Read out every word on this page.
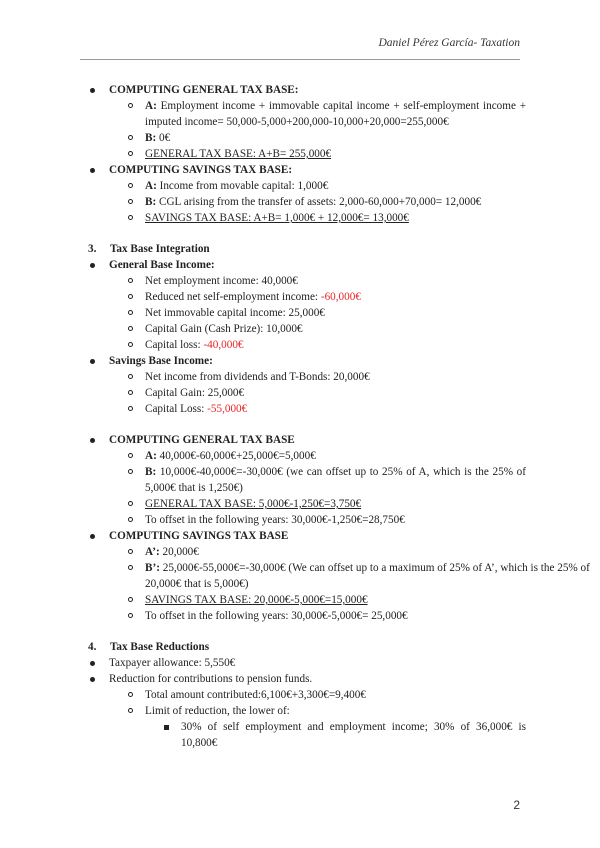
Daniel Pérez García- Taxation
COMPUTING GENERAL TAX BASE:
A: Employment income + immovable capital income + self-employment income + imputed income= 50,000-5,000+200,000-10,000+20,000=255,000€
B: 0€
GENERAL TAX BASE: A+B= 255,000€
COMPUTING SAVINGS TAX BASE:
A: Income from movable capital: 1,000€
B: CGL arising from the transfer of assets: 2,000-60,000+70,000= 12,000€
SAVINGS TAX BASE: A+B= 1,000€ + 12,000€= 13,000€
3. Tax Base Integration
General Base Income:
Net employment income: 40,000€
Reduced net self-employment income: -60,000€
Net immovable capital income: 25,000€
Capital Gain (Cash Prize): 10,000€
Capital loss: -40,000€
Savings Base Income:
Net income from dividends and T-Bonds: 20,000€
Capital Gain: 25,000€
Capital Loss: -55,000€
COMPUTING GENERAL TAX BASE
A: 40,000€-60,000€+25,000€=5,000€
B: 10,000€-40,000€=-30,000€ (we can offset up to 25% of A, which is the 25% of 5,000€ that is 1,250€)
GENERAL TAX BASE: 5,000€-1,250€=3,750€
To offset in the following years: 30,000€-1,250€=28,750€
COMPUTING SAVINGS TAX BASE
A’: 20,000€
B’: 25,000€-55,000€=-30,000€ (We can offset up to a maximum of 25% of A’, which is the 25% of 20,000€ that is 5,000€)
SAVINGS TAX BASE: 20,000€-5,000€=15,000€
To offset in the following years: 30,000€-5,000€= 25,000€
4. Tax Base Reductions
Taxpayer allowance: 5,550€
Reduction for contributions to pension funds.
Total amount contributed:6,100€+3,300€=9,400€
Limit of reduction, the lower of:
30% of self employment and employment income; 30% of 36,000€ is 10,800€
2
